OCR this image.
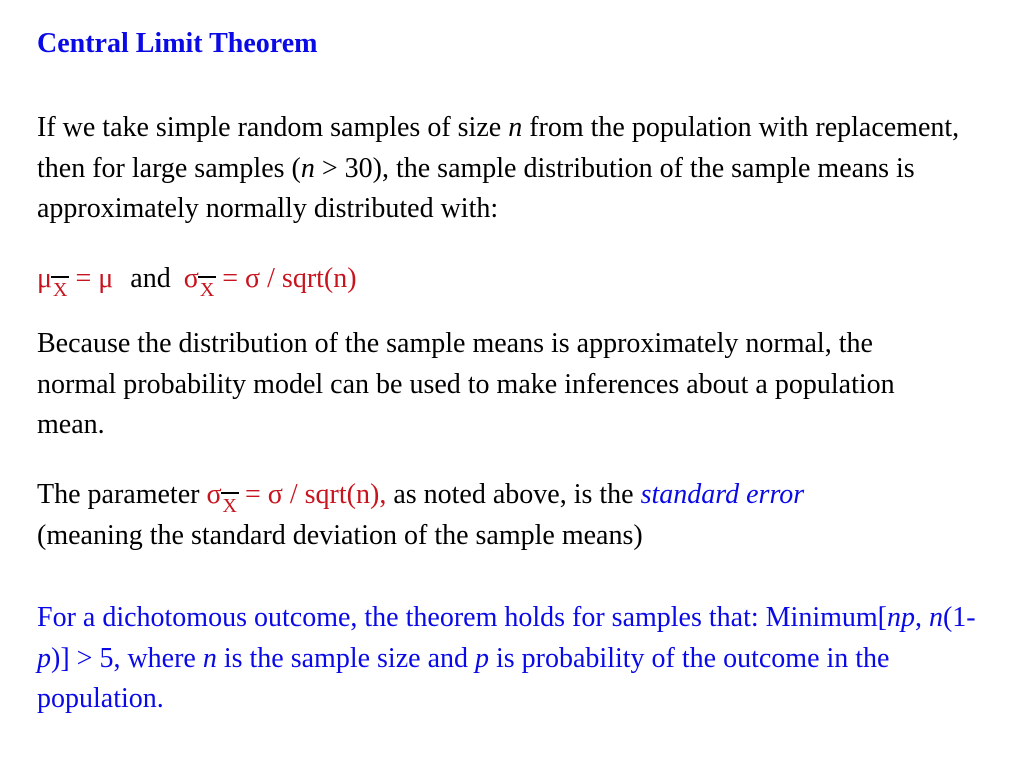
Central Limit Theorem

If we take simple random samples of size n from the population with replacement, then for large samples (n > 30), the sample distribution of the sample means is approximately normally distributed with:

μX = μ and σX = σ / sqrt(n)

Because the distribution of the sample means is approximately normal, the normal probability model can be used to make inferences about a population mean.

The parameter σX = σ / sqrt(n), as noted above, is the standard error
(meaning the standard deviation of the sample means)

For a dichotomous outcome, the theorem holds for samples that: Minimum[np, n(1-p)] > 5, where n is the sample size and p is probability of the outcome in the population.
